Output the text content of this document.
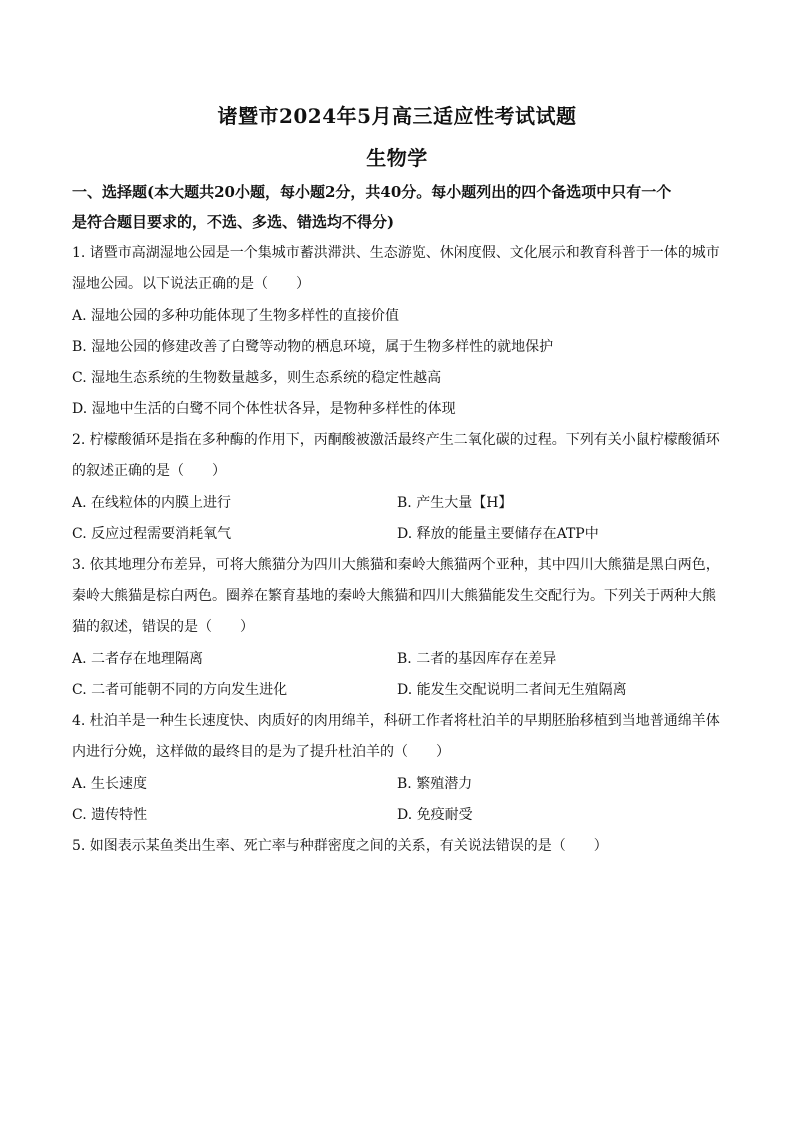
诸暨市2024年5月高三适应性考试试题
生物学
一、选择题(本大题共20小题，每小题2分，共40分。每小题列出的四个备选项中只有一个
是符合题目要求的，不选、多选、错选均不得分)
1. 诸暨市高湖湿地公园是一个集城市蓄洪滞洪、生态游览、休闲度假、文化展示和教育科普于一体的城市
湿地公园。以下说法正确的是（　　）
A. 湿地公园的多种功能体现了生物多样性的直接价值
B. 湿地公园的修建改善了白鹭等动物的栖息环境，属于生物多样性的就地保护
C. 湿地生态系统的生物数量越多，则生态系统的稳定性越高
D. 湿地中生活的白鹭不同个体性状各异，是物种多样性的体现
2. 柠檬酸循环是指在多种酶的作用下，丙酮酸被激活最终产生二氧化碳的过程。下列有关小鼠柠檬酸循环
的叙述正确的是（　　）
A. 在线粒体的内膜上进行	B. 产生大量【H】
C. 反应过程需要消耗氧气	D. 释放的能量主要储存在ATP中
3. 依其地理分布差异，可将大熊猫分为四川大熊猫和秦岭大熊猫两个亚种，其中四川大熊猫是黑白两色，
秦岭大熊猫是棕白两色。圈养在繁育基地的秦岭大熊猫和四川大熊猫能发生交配行为。下列关于两种大熊
猫的叙述，错误的是（　　）
A. 二者存在地理隔离	B. 二者的基因库存在差异
C. 二者可能朝不同的方向发生进化	D. 能发生交配说明二者间无生殖隔离
4. 杜泊羊是一种生长速度快、肉质好的肉用绵羊，科研工作者将杜泊羊的早期胚胎移植到当地普通绵羊体
内进行分娩，这样做的最终目的是为了提升杜泊羊的（　　）
A. 生长速度	B. 繁殖潜力
C. 遗传特性	D. 免疫耐受
5. 如图表示某鱼类出生率、死亡率与种群密度之间的关系，有关说法错误的是（　　）
